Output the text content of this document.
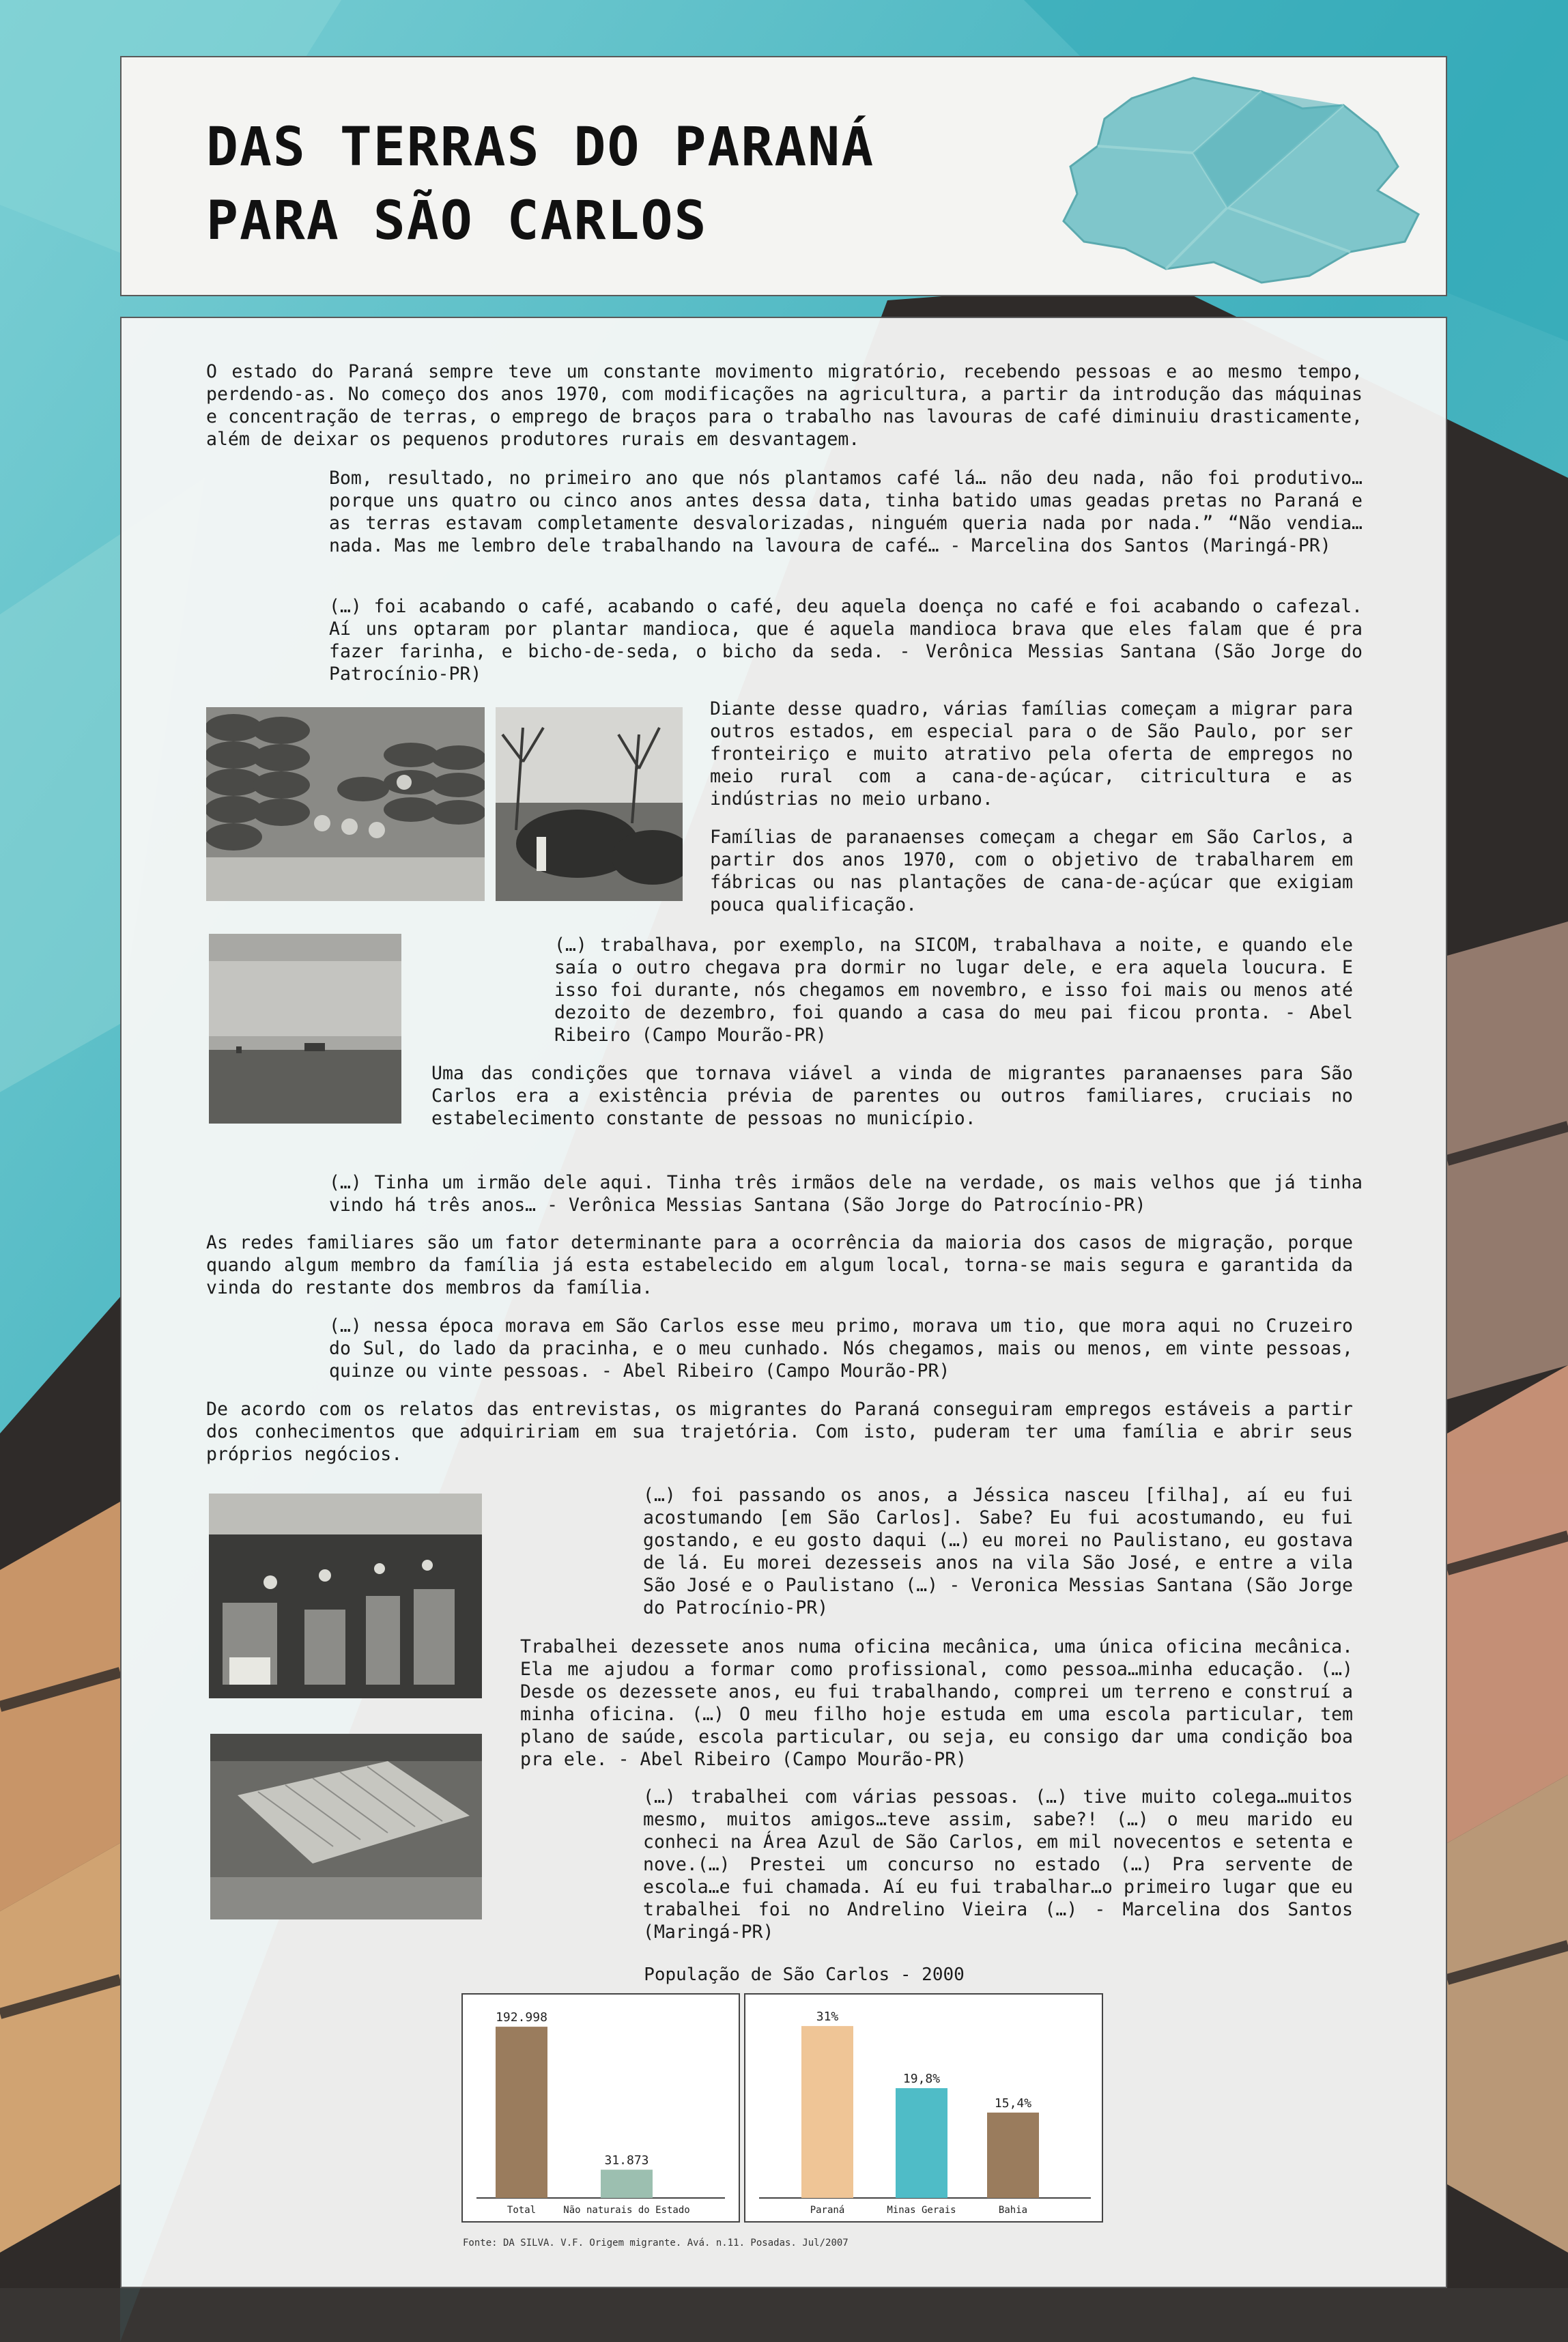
DAS TERRAS DO PARANÁ
PARA SÃO CARLOS

O estado do Paraná sempre teve um constante movimento migratório, recebendo pessoas e ao mesmo tempo, perdendo-as. No começo dos anos 1970, com modificações na agricultura, a partir da introdução das máquinas e concentração de terras, o emprego de braços para o trabalho nas lavouras de café diminuiu drasticamente, além de deixar os pequenos produtores rurais em desvantagem.

Bom, resultado, no primeiro ano que nós plantamos café lá… não deu nada, não foi produtivo… porque uns quatro ou cinco anos antes dessa data, tinha batido umas geadas pretas no Paraná e as terras estavam completamente desvalorizadas, ninguém queria nada por nada.” “Não vendia… nada. Mas me lembro dele trabalhando na lavoura de café… - Marcelina dos Santos (Maringá-PR)

(…) foi acabando o café, acabando o café, deu aquela doença no café e foi acabando o cafezal. Aí uns optaram por plantar mandioca, que é aquela mandioca brava que eles falam que é pra fazer farinha, e bicho-de-seda, o bicho da seda. - Verônica Messias Santana (São Jorge do Patrocínio-PR)

Diante desse quadro, várias famílias começam a migrar para outros estados, em especial para o de São Paulo, por ser fronteiriço e muito atrativo pela oferta de empregos no meio rural com a cana-de-açúcar, citricultura e as indústrias no meio urbano.

Famílias de paranaenses começam a chegar em São Carlos, a partir dos anos 1970, com o objetivo de trabalharem em fábricas ou nas plantações de cana-de-açúcar que exigiam pouca qualificação.

(…) trabalhava, por exemplo, na SICOM, trabalhava a noite, e quando ele saía o outro chegava pra dormir no lugar dele, e era aquela loucura. E isso foi durante, nós chegamos em novembro, e isso foi mais ou menos até dezoito de dezembro, foi quando a casa do meu pai ficou pronta. - Abel Ribeiro (Campo Mourão-PR)

Uma das condições que tornava viável a vinda de migrantes paranaenses para São Carlos era a existência prévia de parentes ou outros familiares, cruciais no estabelecimento constante de pessoas no município.

(…) Tinha um irmão dele aqui. Tinha três irmãos dele na verdade, os mais velhos que já tinha vindo há três anos… - Verônica Messias Santana (São Jorge do Patrocínio-PR)

As redes familiares são um fator determinante para a ocorrência da maioria dos casos de migração, porque quando algum membro da família já esta estabelecido em algum local, torna-se mais segura e garantida da vinda do restante dos membros da família.

(…) nessa época morava em São Carlos esse meu primo, morava um tio, que mora aqui no Cruzeiro do Sul, do lado da pracinha, e o meu cunhado. Nós chegamos, mais ou menos, em vinte pessoas, quinze ou vinte pessoas. - Abel Ribeiro (Campo Mourão-PR)

De acordo com os relatos das entrevistas, os migrantes do Paraná conseguiram empregos estáveis a partir dos conhecimentos que adquiririam em sua trajetória. Com isto, puderam ter uma família e abrir seus próprios negócios.

(…) foi passando os anos, a Jéssica nasceu [filha], aí eu fui acostumando [em São Carlos]. Sabe? Eu fui acostumando, eu fui gostando, e eu gosto daqui (…) eu morei no Paulistano, eu gostava de lá. Eu morei dezesseis anos na vila São José, e entre a vila São José e o Paulistano (…) - Veronica Messias Santana (São Jorge do Patrocínio-PR)

Trabalhei dezessete anos numa oficina mecânica, uma única oficina mecânica. Ela me ajudou a formar como profissional, como pessoa…minha educação. (…) Desde os dezessete anos, eu fui trabalhando, comprei um terreno e construí a minha oficina. (…) O meu filho hoje estuda em uma escola particular, tem plano de saúde, escola particular, ou seja, eu consigo dar uma condição boa pra ele. - Abel Ribeiro (Campo Mourão-PR)

(…) trabalhei com várias pessoas. (…) tive muito colega…muitos mesmo, muitos amigos…teve assim, sabe?! (…) o meu marido eu conheci na Área Azul de São Carlos, em mil novecentos e setenta e nove.(…) Prestei um concurso no estado (…) Pra servente de escola…e fui chamada. Aí eu fui trabalhar…o primeiro lugar que eu trabalhei foi no Andrelino Vieira (…) - Marcelina dos Santos (Maringá-PR)

População de São Carlos - 2000
192.998
Total
31.873
Não naturais do Estado
31%
Paraná
19,8%
Minas Gerais
15,4%
Bahia
Fonte: DA SILVA. V.F. Origem migrante. Avá. n.11. Posadas. Jul/2007
